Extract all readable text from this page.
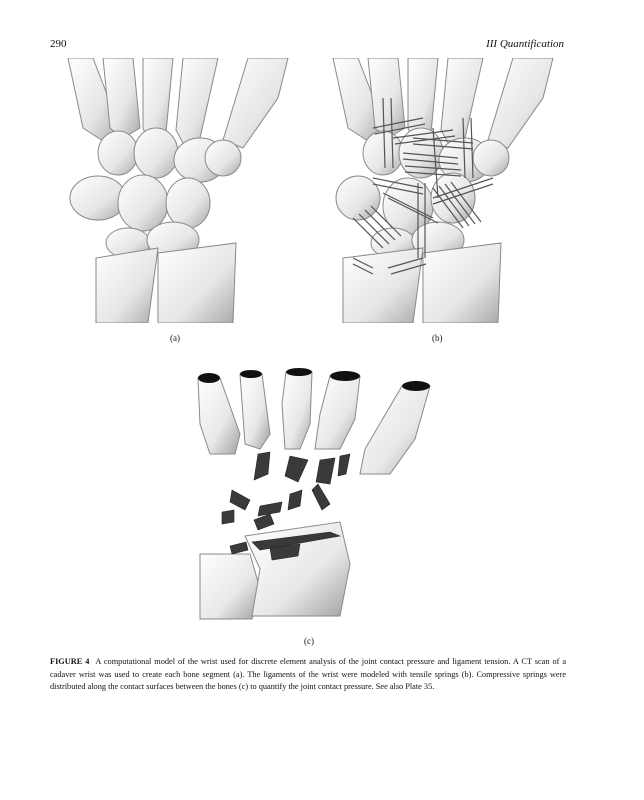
290	III Quantification
(a)	(b)
(c)
FIGURE 4 A computational model of the wrist used for discrete element analysis of the joint contact pressure and ligament tension. A CT scan of a cadaver wrist was used to create each bone segment (a). The ligaments of the wrist were modeled with tensile springs (b). Compressive springs were distributed along the contact surfaces between the bones (c) to quantify the joint contact pressure. See also Plate 35.
